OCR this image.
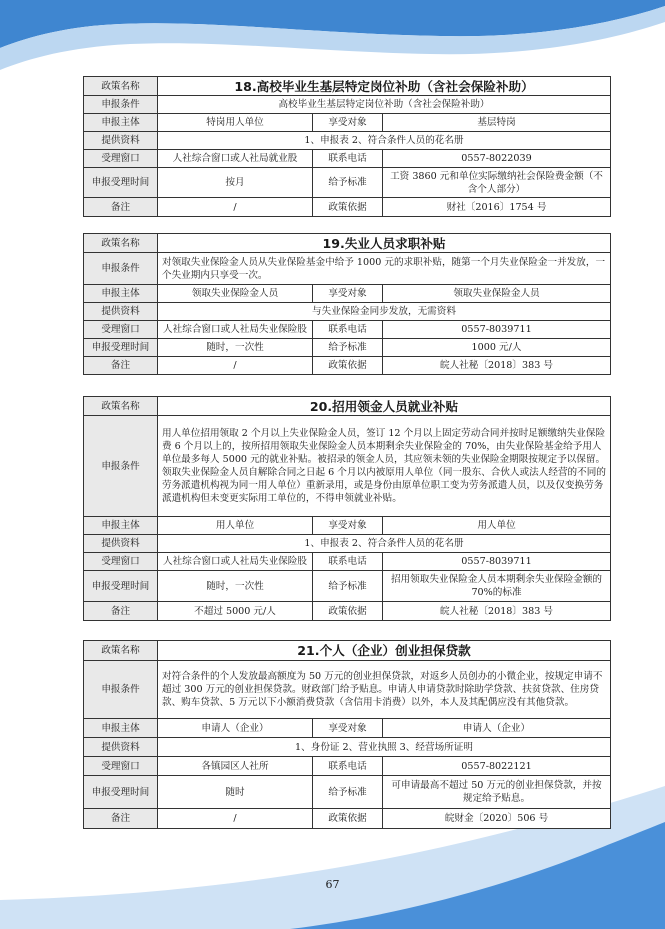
政策名称	18.高校毕业生基层特定岗位补助（含社会保险补助）		
申报条件	高校毕业生基层特定岗位补助（含社会保险补助）		
申报主体	特岗用人单位	享受对象	基层特岗
提供资料	1、申报表 2、符合条件人员的花名册		
受理窗口	人社综合窗口或人社局就业股	联系电话	0557-8022039
申报受理时间	按月	给予标准	工资 3860 元和单位实际缴纳社会保险费金额（不含个人部分）
备注	/	政策依据	财社〔2016〕1754 号
政策名称	19.失业人员求职补贴		
申报条件	对领取失业保险金人员从失业保险基金中给予 1000 元的求职补贴，随第一个月失业保险金一并发放，一个失业期内只享受一次。		
申报主体	领取失业保险金人员	享受对象	领取失业保险金人员
提供资料	与失业保险金同步发放，无需资料		
受理窗口	人社综合窗口或人社局失业保险股	联系电话	0557-8039711
申报受理时间	随时，一次性	给予标准	1000 元/人
备注	/	政策依据	皖人社秘〔2018〕383 号
政策名称	20.招用领金人员就业补贴		
申报条件	用人单位招用领取 2 个月以上失业保险金人员，签订 12 个月以上固定劳动合同并按时足额缴纳失业保险费 6 个月以上的，按所招用领取失业保险金人员本期剩余失业保险金的 70%，由失业保险基金给予用人单位最多每人 5000 元的就业补贴。被招录的领金人员，其应领未领的失业保险金期限按规定予以保留。领取失业保险金人员自解除合同之日起 6 个月以内被原用人单位（同一股东、合伙人或法人经营的不同的劳务派遣机构视为同一用人单位）重新录用，或是身份由原单位职工变为劳务派遣人员，以及仅变换劳务派遣机构但未变更实际用工单位的，不得申领就业补贴。		
申报主体	用人单位	享受对象	用人单位
提供资料	1、申报表 2、符合条件人员的花名册		
受理窗口	人社综合窗口或人社局失业保险股	联系电话	0557-8039711
申报受理时间	随时，一次性	给予标准	招用领取失业保险金人员本期剩余失业保险金额的 70%的标准
备注	不超过 5000 元/人	政策依据	皖人社秘〔2018〕383 号
政策名称	21.个人（企业）创业担保贷款		
申报条件	对符合条件的个人发放最高额度为 50 万元的创业担保贷款，对返乡人员创办的小微企业，按规定申请不超过 300 万元的创业担保贷款。财政部门给予贴息。申请人申请贷款时除助学贷款、扶贫贷款、住房贷款、购车贷款、5 万元以下小额消费贷款（含信用卡消费）以外，本人及其配偶应没有其他贷款。		
申报主体	申请人（企业）	享受对象	申请人（企业）
提供资料	1、身份证 2、营业执照 3、经营场所证明		
受理窗口	各镇园区人社所	联系电话	0557-8022121
申报受理时间	随时	给予标准	可申请最高不超过 50 万元的创业担保贷款，并按规定给予贴息。
备注	/	政策依据	皖财金〔2020〕506 号
67
